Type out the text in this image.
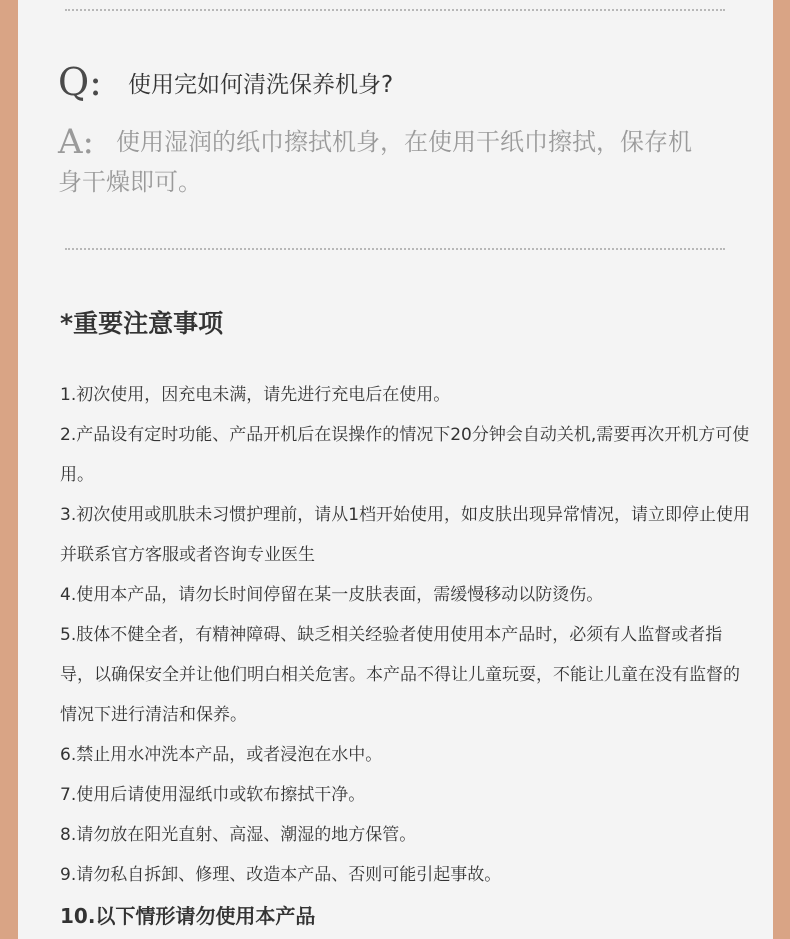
Q: 使用完如何清洗保养机身?
A: 使用湿润的纸巾擦拭机身，在使用干纸巾擦拭，保存机身干燥即可。
*重要注意事项
1.初次使用，因充电未满，请先进行充电后在使用。
2.产品设有定时功能、产品开机后在误操作的情况下20分钟会自动关机,需要再次开机方可使用。
3.初次使用或肌肤未习惯护理前，请从1档开始使用，如皮肤出现异常情况，请立即停止使用并联系官方客服或者咨询专业医生
4.使用本产品，请勿长时间停留在某一皮肤表面，需缓慢移动以防烫伤。
5.肢体不健全者，有精神障碍、缺乏相关经验者使用使用本产品时，必须有人监督或者指导，以确保安全并让他们明白相关危害。本产品不得让儿童玩耍，不能让儿童在没有监督的情况下进行清洁和保养。
6.禁止用水冲洗本产品，或者浸泡在水中。
7.使用后请使用湿纸巾或软布擦拭干净。
8.请勿放在阳光直射、高湿、潮湿的地方保管。
9.请勿私自拆卸、修理、改造本产品、否则可能引起事故。
10.以下情形请勿使用本产品
